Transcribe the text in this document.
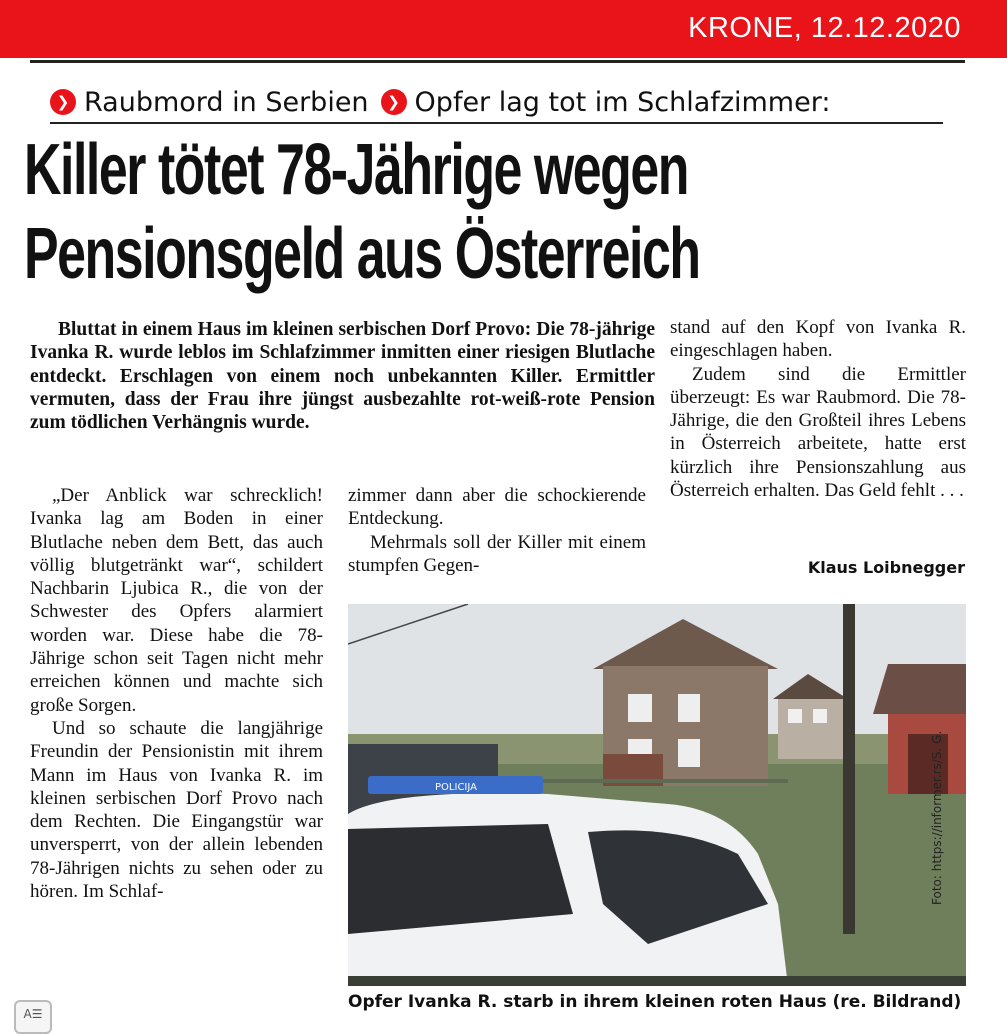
KRONE, 12.12.2020
❯ Raubmord in Serbien	❯ Opfer lag tot im Schlafzimmer:
Killer tötet 78-Jährige wegen
Pensionsgeld aus Österreich

Bluttat in einem Haus im kleinen serbischen Dorf Provo: Die 78-jährige Ivanka R. wurde leblos im Schlafzimmer inmitten einer riesigen Blutlache entdeckt. Erschlagen von einem noch unbekannten Killer. Ermittler vermuten, dass der Frau ihre jüngst ausbezahlte rot-weiß-rote Pension zum tödlichen Verhängnis wurde.

„Der Anblick war schrecklich! Ivanka lag am Boden in einer Blutlache neben dem Bett, das auch völlig blutgetränkt war“, schildert Nachbarin Ljubica R., die von der Schwester des Opfers alarmiert worden war. Diese habe die 78-Jährige schon seit Tagen nicht mehr erreichen können und machte sich große Sorgen.

Und so schaute die langjährige Freundin der Pensionistin mit ihrem Mann im Haus von Ivanka R. im kleinen serbischen Dorf Provo nach dem Rechten. Die Eingangstür war unversperrt, von der allein lebenden 78-Jährigen nichts zu sehen oder zu hören. Im Schlaf-

zimmer dann aber die schockierende Entdeckung.

Mehrmals soll der Killer mit einem stumpfen Gegen-

stand auf den Kopf von Ivanka R. eingeschlagen haben.

Zudem sind die Ermittler überzeugt: Es war Raubmord. Die 78-Jährige, die den Großteil ihres Lebens in Österreich arbeitete, hatte erst kürzlich ihre Pensionszahlung aus Österreich erhalten. Das Geld fehlt . . .

Klaus Loibnegger
POLICIJA	Foto: https://informer.rs/S. G.
Opfer Ivanka R. starb in ihrem kleinen roten Haus (re. Bildrand)
A☰
